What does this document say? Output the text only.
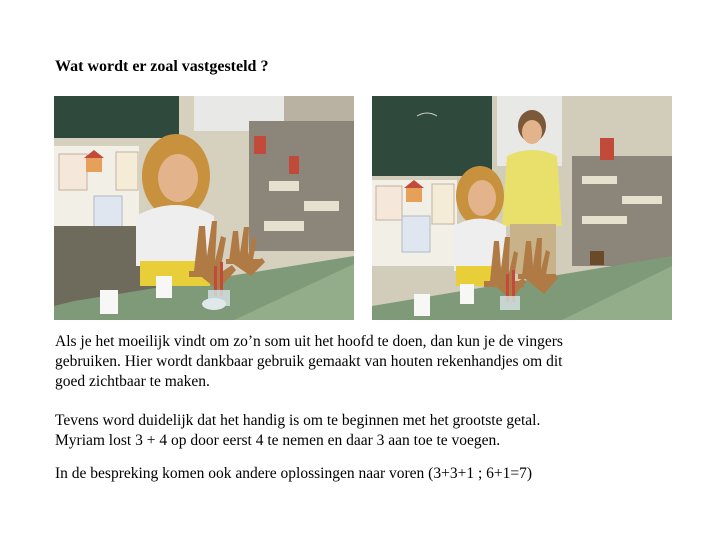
Wat wordt er zoal vastgesteld ?

Als je het moeilijk vindt om zo’n som uit het hoofd te doen, dan kun je de vingers
gebruiken. Hier wordt dankbaar gebruik gemaakt van houten rekenhandjes om dit
goed zichtbaar te maken.

Tevens word duidelijk dat het handig is om te beginnen met het grootste getal.
Myriam lost 3 + 4 op door eerst 4 te nemen en daar 3 aan toe te voegen.

In de bespreking komen ook andere oplossingen naar voren (3+3+1 ; 6+1=7)
